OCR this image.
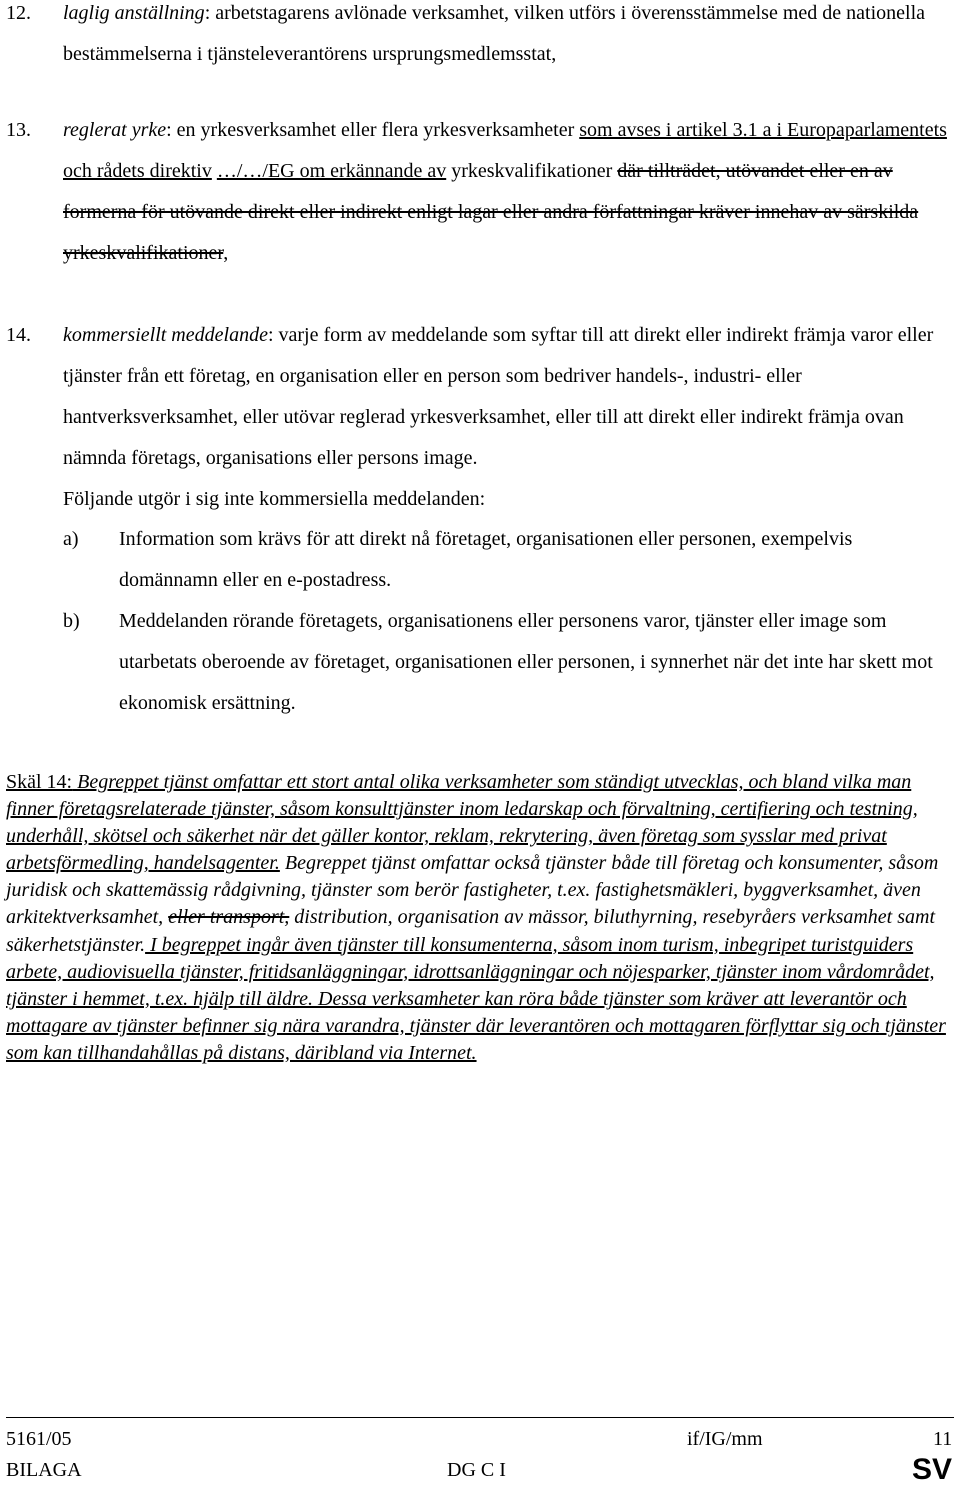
12. laglig anställning: arbetstagarens avlönade verksamhet, vilken utförs i överensstämmelse med de nationella bestämmelserna i tjänsteleverantörens ursprungsmedlemsstat,
13. reglerat yrke: en yrkesverksamhet eller flera yrkesverksamheter som avses i artikel 3.1 a i Europaparlamentets och rådets direktiv …/…/EG om erkännande av yrkeskvalifikationer där tillträdet, utövandet eller en av formerna för utövande direkt eller indirekt enligt lagar eller andra författningar kräver innehav av särskilda yrkeskvalifikationer,
14. kommersiellt meddelande: varje form av meddelande som syftar till att direkt eller indirekt främja varor eller tjänster från ett företag, en organisation eller en person som bedriver handels-, industri- eller hantverksverksamhet, eller utövar reglerad yrkesverksamhet, eller till att direkt eller indirekt främja ovan nämnda företags, organisations eller persons image.
Följande utgör i sig inte kommersiella meddelanden:
a) Information som krävs för att direkt nå företaget, organisationen eller personen, exempelvis domännamn eller en e-postadress.
b) Meddelanden rörande företagets, organisationens eller personens varor, tjänster eller image som utarbetats oberoende av företaget, organisationen eller personen, i synnerhet när det inte har skett mot ekonomisk ersättning.
Skäl 14: Begreppet tjänst omfattar ett stort antal olika verksamheter som ständigt utvecklas, och bland vilka man finner företagsrelaterade tjänster, såsom konsulttjänster inom ledarskap och förvaltning, certifiering och testning, underhåll, skötsel och säkerhet när det gäller kontor, reklam, rekrytering, även företag som sysslar med privat arbetsförmedling, handelsagenter. Begreppet tjänst omfattar också tjänster både till företag och konsumenter, såsom juridisk och skattemässig rådgivning, tjänster som berör fastigheter, t.ex. fastighetsmäkleri, byggverksamhet, även arkitektverksamhet, eller transport, distribution, organisation av mässor, biluthyrning, resebyråers verksamhet samt säkerhetstjänster. I begreppet ingår även tjänster till konsumenterna, såsom inom turism, inbegripet turistguiders arbete, audiovisuella tjänster, fritidsanläggningar, idrottsanläggningar och nöjesparker, tjänster inom vårdområdet, tjänster i hemmet, t.ex. hjälp till äldre. Dessa verksamheter kan röra både tjänster som kräver att leverantör och mottagare av tjänster befinner sig nära varandra, tjänster där leverantören och mottagaren förflyttar sig och tjänster som kan tillhandahållas på distans, däribland via Internet.
5161/05
BILAGA
if/IG/mm
DG C I
11
SV
